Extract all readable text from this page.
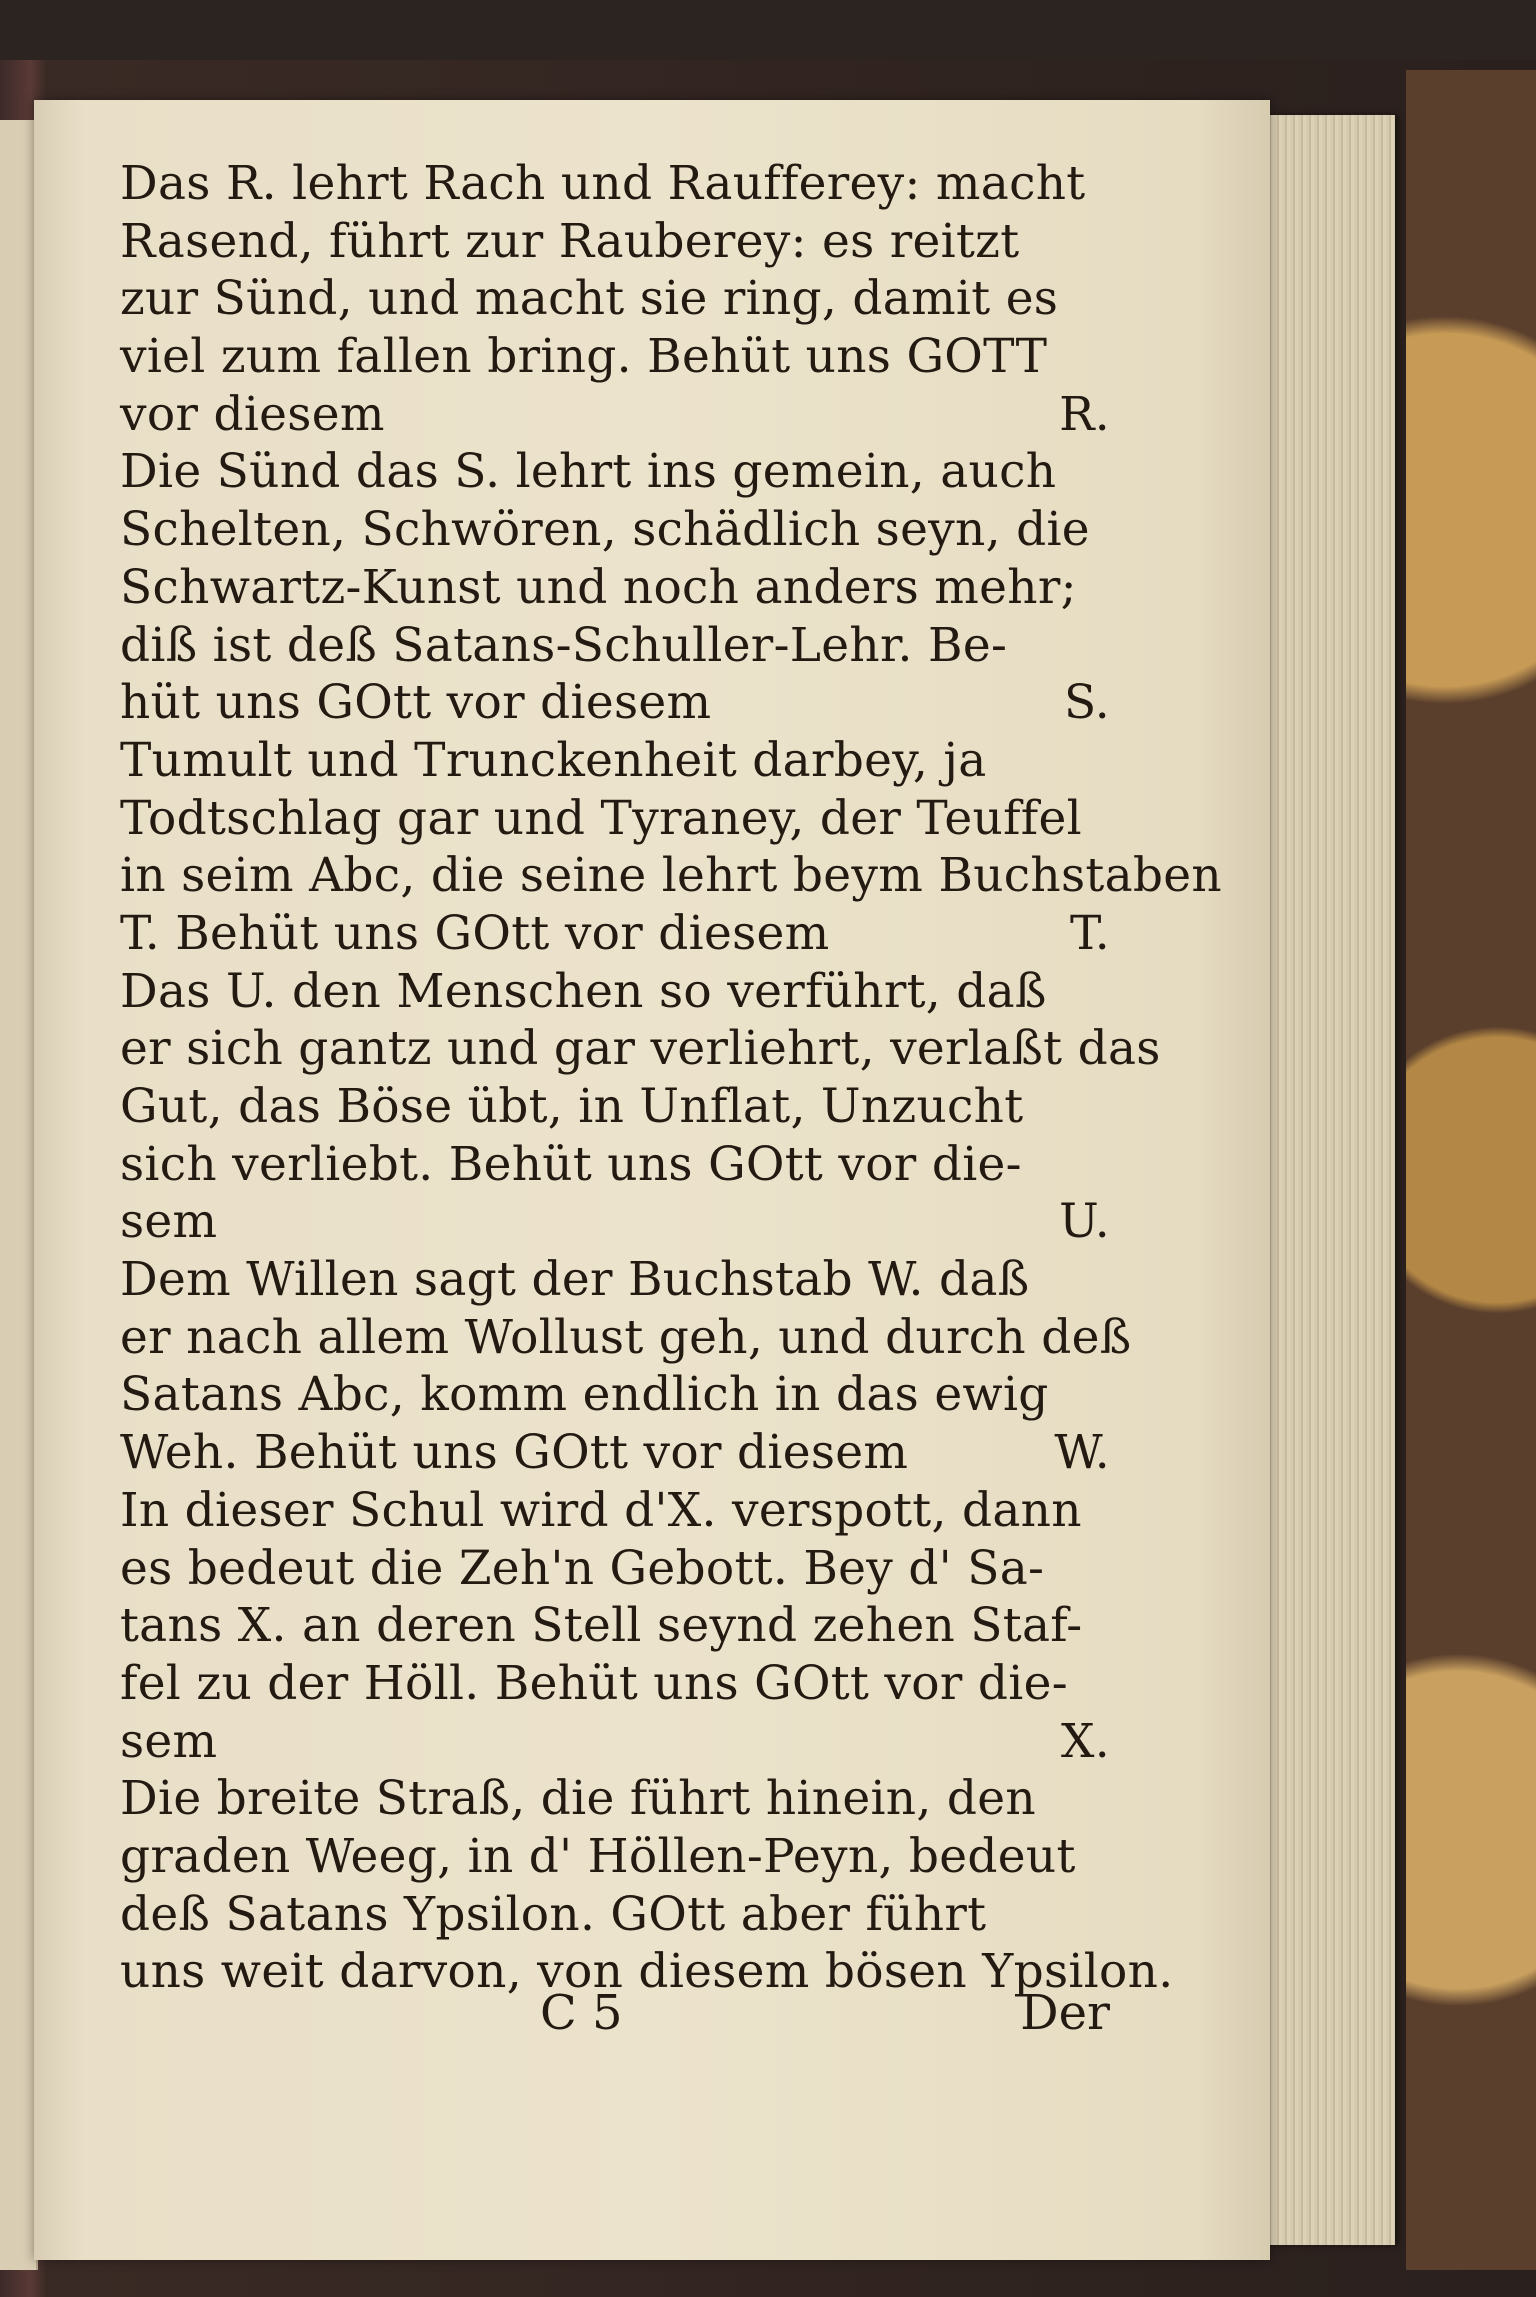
Das R. lehrt Rach und Raufferey: macht
Rasend, führt zur Rauberey: es reitzt
zur Sünd, und macht sie ring, damit es
viel zum fallen bring. Behüt uns GOTT
vor diesem	R.
Die Sünd das S. lehrt ins gemein, auch
Schelten, Schwören, schädlich seyn, die
Schwartz-Kunst und noch anders mehr;
diß ist deß Satans-Schuller-Lehr. Be-
hüt uns GOtt vor diesem	S.
Tumult und Trunckenheit darbey, ja
Todtschlag gar und Tyraney, der Teuffel
in seim Abc, die seine lehrt beym Buchstaben
T. Behüt uns GOtt vor diesem	T.
Das U. den Menschen so verführt, daß
er sich gantz und gar verliehrt, verlaßt das
Gut, das Böse übt, in Unflat, Unzucht
sich verliebt. Behüt uns GOtt vor die-
sem	U.
Dem Willen sagt der Buchstab W. daß
er nach allem Wollust geh, und durch deß
Satans Abc, komm endlich in das ewig
Weh. Behüt uns GOtt vor diesem	W.
In dieser Schul wird d'X. verspott, dann
es bedeut die Zeh'n Gebott. Bey d' Sa-
tans X. an deren Stell seynd zehen Staf-
fel zu der Höll. Behüt uns GOtt vor die-
sem	X.
Die breite Straß, die führt hinein, den
graden Weeg, in d' Höllen-Peyn, bedeut
deß Satans Ypsilon. GOtt aber führt
uns weit darvon, von diesem bösen Ypsilon.
C 5	Der
